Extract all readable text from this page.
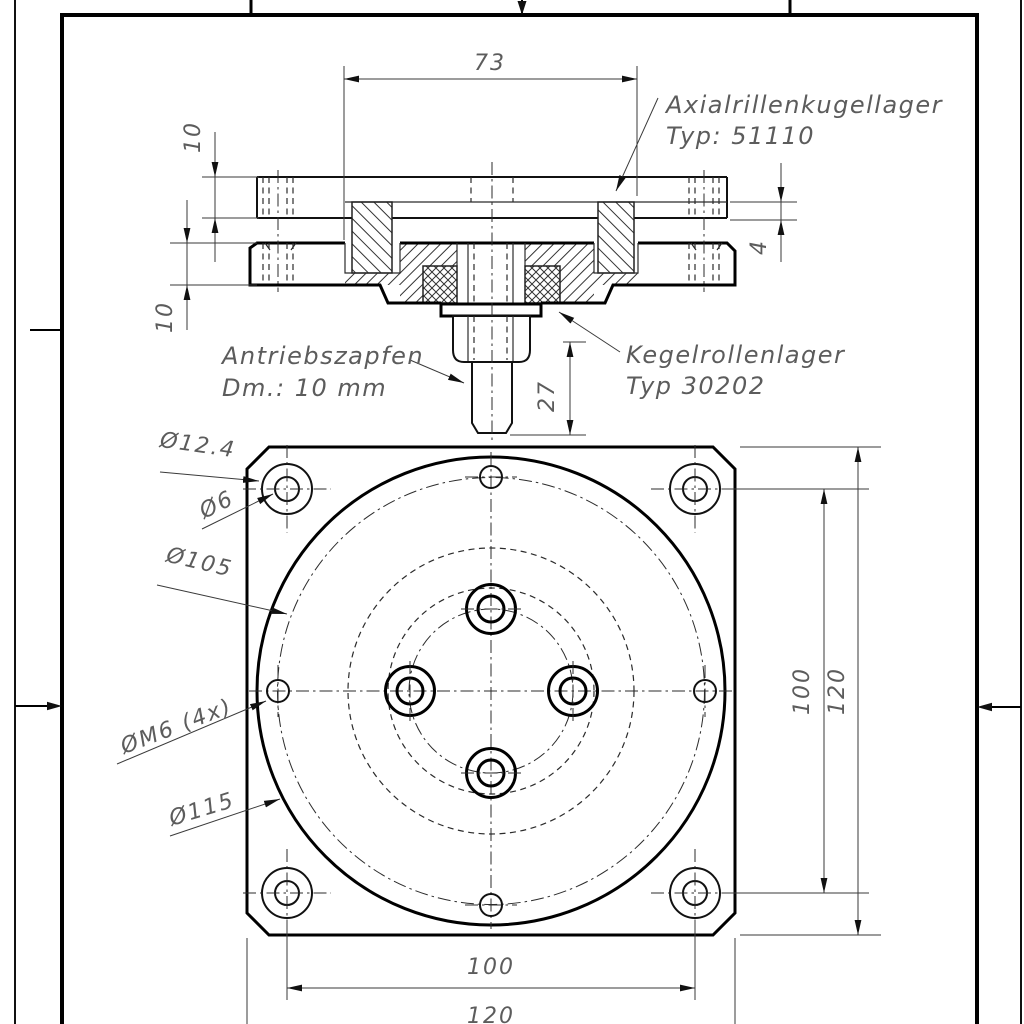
73
10
10
4
27
Axialrillenkugellager
Typ: 51110
Kegelrollenlager
Typ 30202
Antriebszapfen
Dm.: 10 mm
100 120
100
120
Ø12.4
Ø6
Ø105
ØM6 (4x)
Ø115
